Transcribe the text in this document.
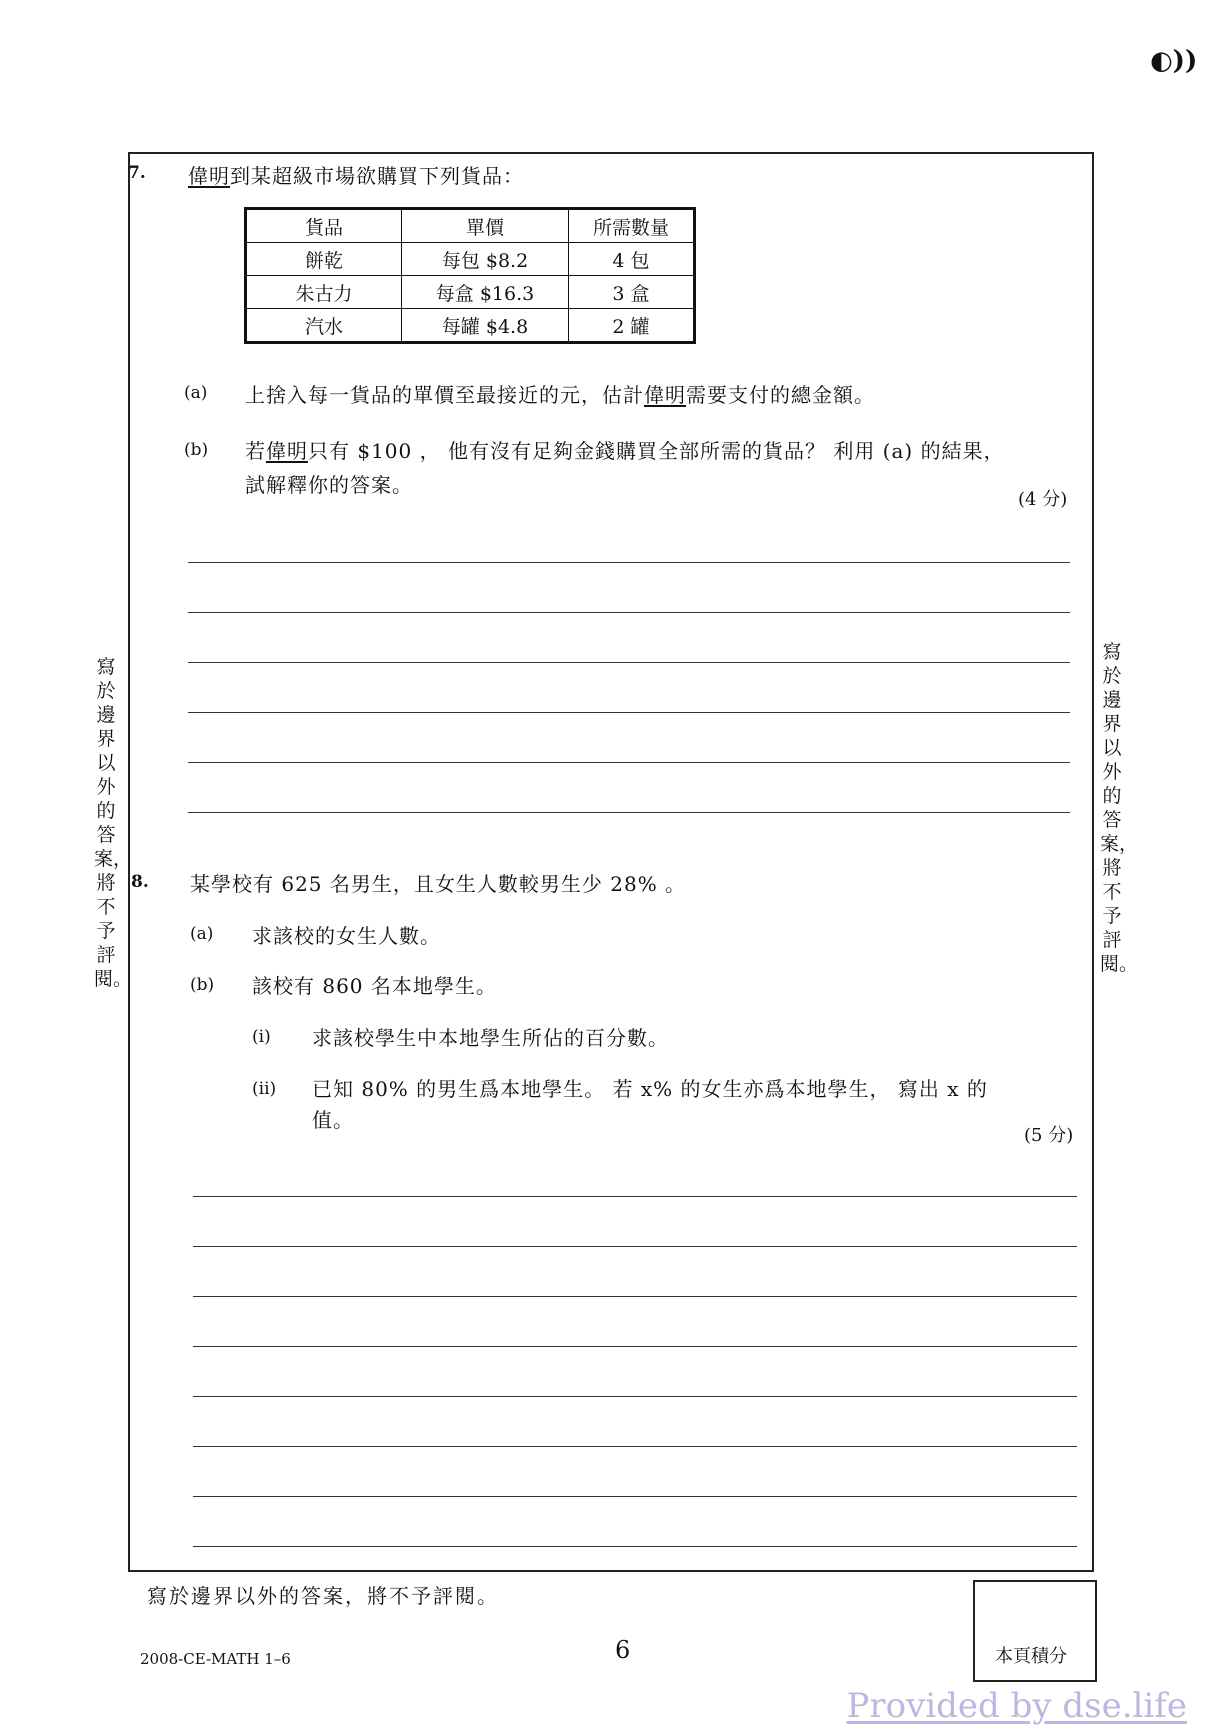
◐))
7. 偉明到某超級市場欲購買下列貨品：
貨品	單價	所需數量
餅乾	每包 $8.2	4 包
朱古力	每盒 $16.3	3 盒
汽水	每罐 $4.8	2 罐
(a) 上捨入每一貨品的單價至最接近的元，估計偉明需要支付的總金額。
(b) 若偉明只有 $100 ， 他有沒有足夠金錢購買全部所需的貨品？ 利用 (a) 的結果，
試解釋你的答案。
(4 分)
8. 某學校有 625 名男生，且女生人數較男生少 28% 。
(a) 求該校的女生人數。
(b) 該校有 860 名本地學生。
(i) 求該校學生中本地學生所佔的百分數。
(ii) 已知 80% 的男生爲本地學生。 若 x% 的女生亦爲本地學生， 寫出 x 的
值。
(5 分)
寫於邊界以外的答案，將不予評閱。
寫於邊界以外的答案，將不予評閱。
寫於邊界以外的答案，將不予評閱。
2008-CE-MATH 1–6	6	本頁積分
Provided by dse.life
